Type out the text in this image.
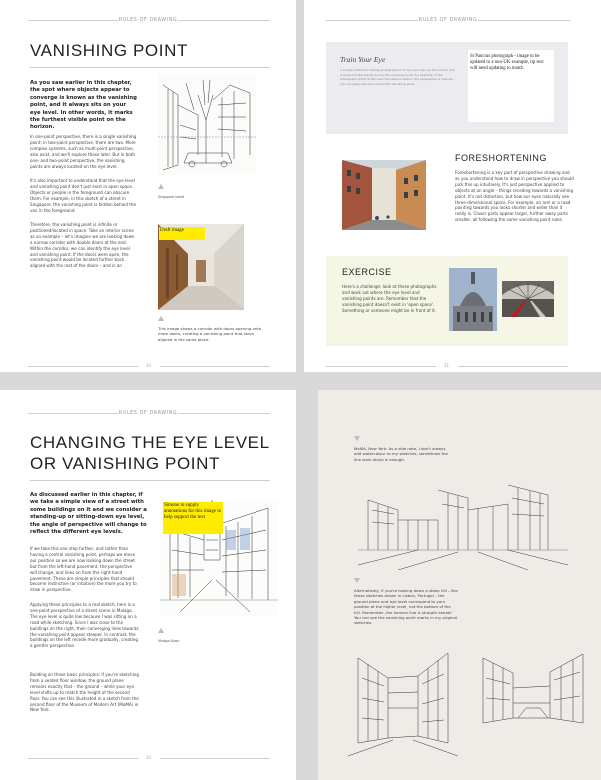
RULES OF DRAWING
VANISHING POINT
As you saw earlier in this chapter, the spot where objects appear to converge is known as the vanishing point, and it always sits on your eye level. In other words, it marks the furthest visible point on the horizon.
In one-point perspective, there is a single vanishing point; in two-point perspective, there are two. More complex systems, such as multi-point perspective, also exist, and we'll explore those later. But in both one- and two-point perspective, the vanishing points are always located on the eye level.
It's also important to understand that the eye level and vanishing point don't just exist in open space. Objects or people in the foreground can obscure them. For example, in this sketch of a street in Singapore, the vanishing point is hidden behind the van in the foreground.
Therefore, the vanishing point is infinite or positioned/located in space. Take an interior scene as an example – let's imagine we are looking down a narrow corridor with double doors at the end. Within the corridor, we can identify the eye level and vanishing point. If the doors were open, the vanishing point would be located further back aligned with the rest of the doors – and in an
Singapore street
Draft image
This image shows a corridor with doors opening onto more doors, creating a vanishing point that stays aligned in the same place.
30
RULES OF DRAWING
Train Your Eye
A simple method for taking photographs is to turn your lens so the horizon line is level and sits exactly across the vanishing point. For example, in the photograph of the St Pancras International station, the perspective is obvious – you can easily see lines lead to the vanishing point.
St Pancras photograph - image to be updated to a non-UK example, tip text will need updating to match
FORESHORTENING
Foreshortening is a key part of perspective drawing and as you understand how to draw in perspective you should pick this up intuitively. It's just perspective applied to objects at an angle – things receding towards a vanishing point. It's not distortion, but how our eyes naturally see three-dimensional space. For example, an arm or a road pointing towards you looks shorter and wider than it really is. Closer parts appear larger, further away parts smaller, all following the same vanishing point rules.
EXERCISE
Here's a challenge: look at these photographs and work out where the eye level and vanishing points are. Remember that the vanishing point doesn't exist in 'open space'. Something or someone might be in front of it.
31
RULES OF DRAWING
CHANGING THE EYE LEVEL OR VANISHING POINT
As discussed earlier in this chapter, if we take a simple view of a street with some buildings on it and we consider a standing-up or sitting-down eye level, the angle of perspective will change to reflect the different eye levels.
If we take this one step further, and rather than having a central vanishing point, perhaps we move our position so we are now looking down the street but from the left-hand pavement, the perspective will change, and lines on from the right-hand pavement. These are simple principles that should become instinctive (or intuitive) the more you try to draw in perspective.
Applying these principles to a real sketch, here is a one-point perspective of a street scene in Malaga. The eye level is quite low because I was sitting on a road while sketching. Since I was close to the buildings on the right, their converging lines towards the vanishing point appear steeper. In contrast, the buildings on the left recede more gradually, creating a gentler perspective.
Building on these basic principles: if you're sketching from a seated floor window, the ground plane remains exactly that – the ground – while your eye level shifts up to match the height of the second floor. You can see this illustrated in a sketch from the second floor of the Museum of Modern Art (MoMA) in New York.
Simone to supply annotations for this image to help support the text
Malaga Spain
32
MoMA, New York: As a side note, I don't always add watercolour to my sketches, sometimes the line work alone is enough.
Alternatively, if you're looking down a steep hill – like these sketches drawn in Lisbon, Portugal – the ground plane and eye level correspond to your position at the higher level, not the bottom of the hill. Remember, the horizon line is straight ahead! You can see the vanishing point marks in my original sketches.
